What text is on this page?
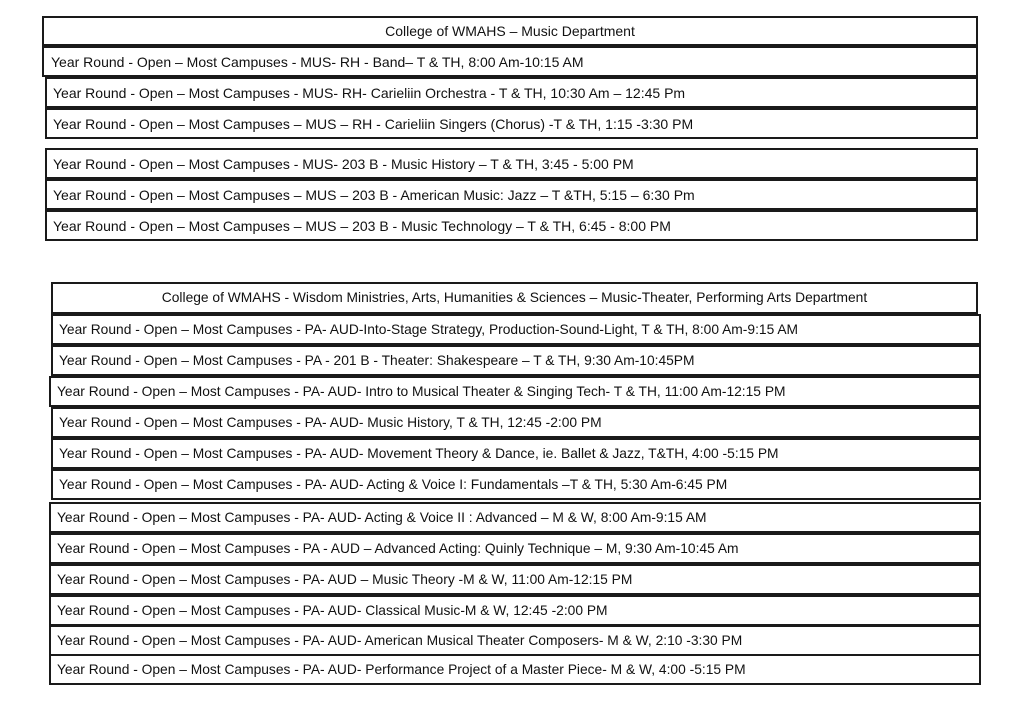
College of WMAHS – Music Department
Year Round - Open – Most Campuses - MUS- RH - Band– T & TH, 8:00 Am-10:15 AM
Year Round - Open – Most Campuses - MUS- RH- Carieliin Orchestra - T & TH, 10:30 Am – 12:45 Pm
Year Round - Open – Most Campuses – MUS – RH - Carieliin Singers (Chorus) -T & TH, 1:15 -3:30 PM
Year Round - Open – Most Campuses - MUS- 203 B - Music History – T & TH, 3:45 - 5:00 PM
Year Round - Open – Most Campuses – MUS – 203 B - American Music: Jazz – T &TH, 5:15 – 6:30 Pm
Year Round - Open – Most Campuses – MUS – 203 B - Music Technology – T & TH, 6:45 - 8:00 PM
College of WMAHS - Wisdom Ministries, Arts, Humanities & Sciences – Music-Theater, Performing Arts Department
Year Round - Open – Most Campuses - PA- AUD-Into-Stage Strategy, Production-Sound-Light, T & TH, 8:00 Am-9:15 AM
Year Round - Open – Most Campuses - PA - 201 B - Theater: Shakespeare – T & TH, 9:30 Am-10:45PM
Year Round - Open – Most Campuses - PA- AUD- Intro to Musical Theater & Singing Tech- T & TH, 11:00 Am-12:15 PM
Year Round - Open – Most Campuses - PA- AUD- Music History, T & TH, 12:45 -2:00 PM
Year Round - Open – Most Campuses - PA- AUD- Movement Theory & Dance, ie. Ballet & Jazz, T&TH, 4:00 -5:15 PM
Year Round - Open – Most Campuses - PA- AUD- Acting & Voice I: Fundamentals –T & TH, 5:30 Am-6:45 PM
Year Round - Open – Most Campuses - PA- AUD- Acting & Voice II : Advanced – M & W, 8:00 Am-9:15 AM
Year Round - Open – Most Campuses - PA - AUD – Advanced Acting: Quinly Technique – M, 9:30 Am-10:45 Am
Year Round - Open – Most Campuses - PA- AUD – Music Theory -M & W, 11:00 Am-12:15 PM
Year Round - Open – Most Campuses - PA- AUD- Classical Music-M & W, 12:45 -2:00 PM
Year Round - Open – Most Campuses - PA- AUD- American Musical Theater Composers- M & W, 2:10 -3:30 PM
Year Round - Open – Most Campuses - PA- AUD- Performance Project of a Master Piece- M & W, 4:00 -5:15 PM
